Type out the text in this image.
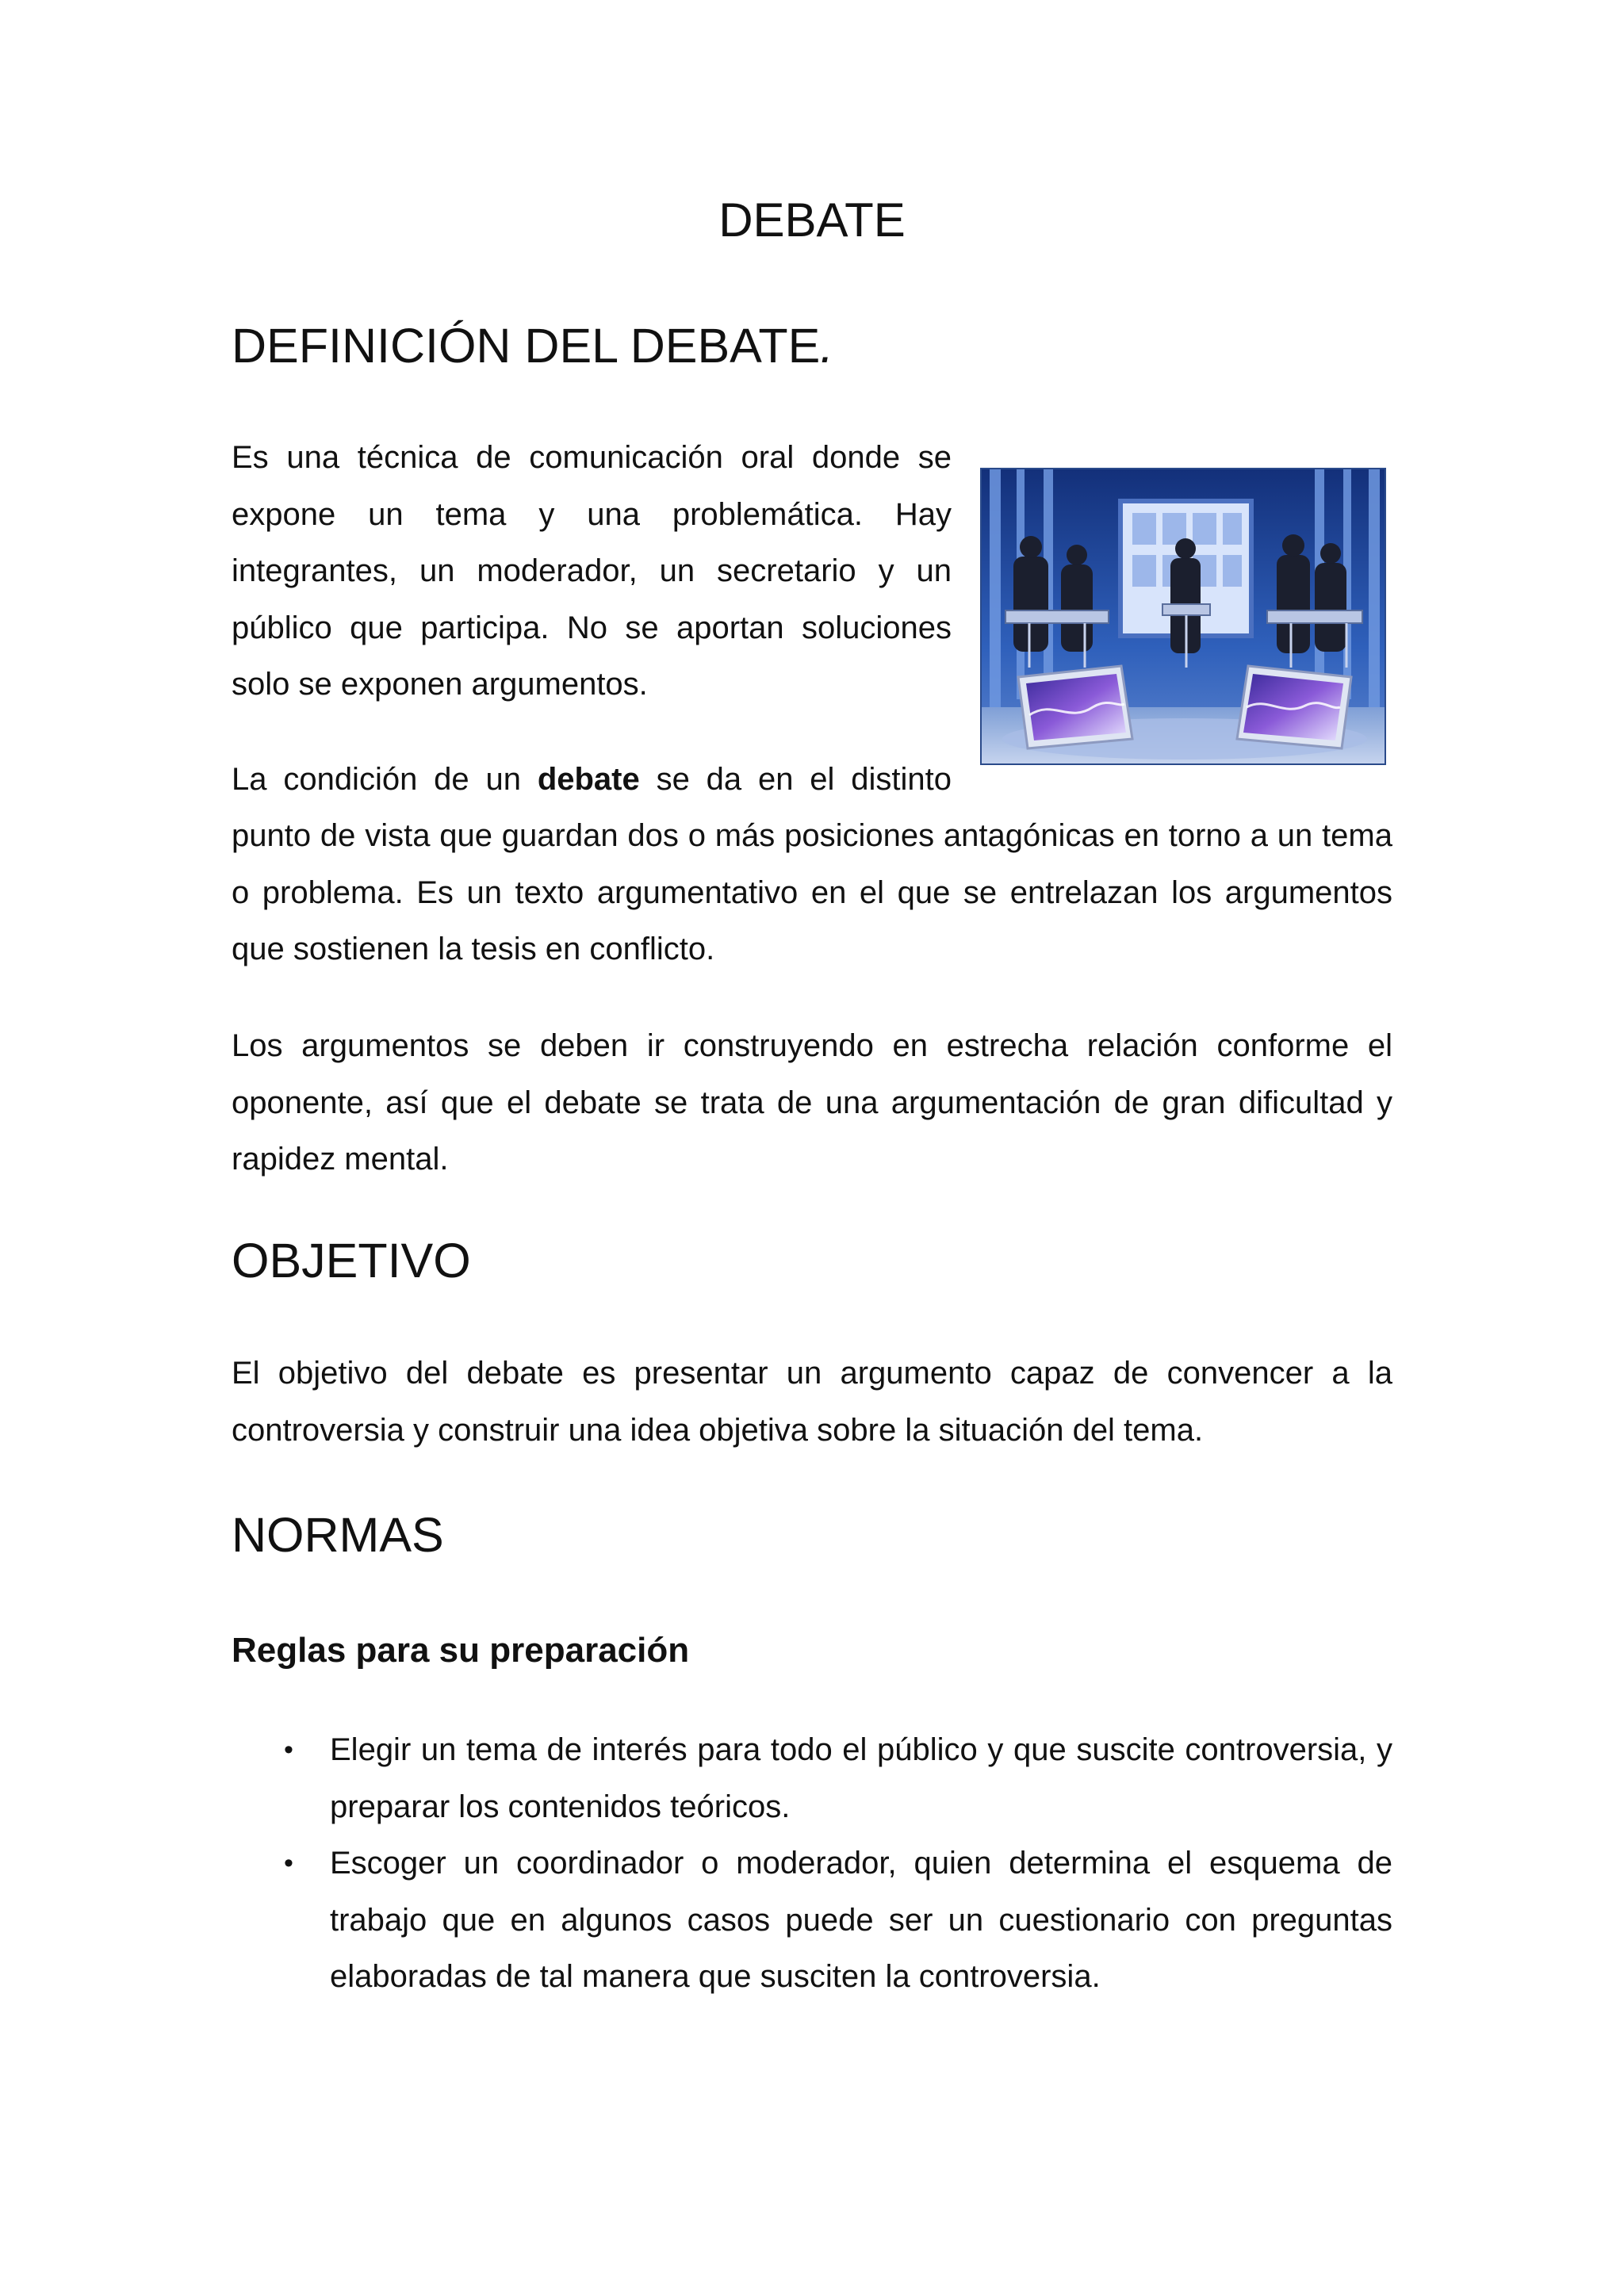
DEBATE
DEFINICIÓN DEL DEBATE.

Es una técnica de comunicación oral donde se expone un tema y una problemática. Hay integrantes, un moderador, un secretario y un público que participa. No se aportan soluciones solo se exponen argumentos.

La condición de un debate se da en el distinto punto de vista que guardan dos o más posiciones antagónicas en torno a un tema o problema. Es un texto argumentativo en el que se entrelazan los argumentos que sostienen la tesis en conflicto.

Los argumentos se deben ir construyendo en estrecha relación conforme el oponente, así que el debate se trata de una argumentación de gran dificultad y rapidez mental.

OBJETIVO

El objetivo del debate es presentar un argumento capaz de convencer a la controversia y construir una idea objetiva sobre la situación del tema.

NORMAS
Reglas para su preparación
• Elegir un tema de interés para todo el público y que suscite controversia, y preparar los contenidos teóricos.
• Escoger un coordinador o moderador, quien determina el esquema de trabajo que en algunos casos puede ser un cuestionario con preguntas elaboradas de tal manera que susciten la controversia.
